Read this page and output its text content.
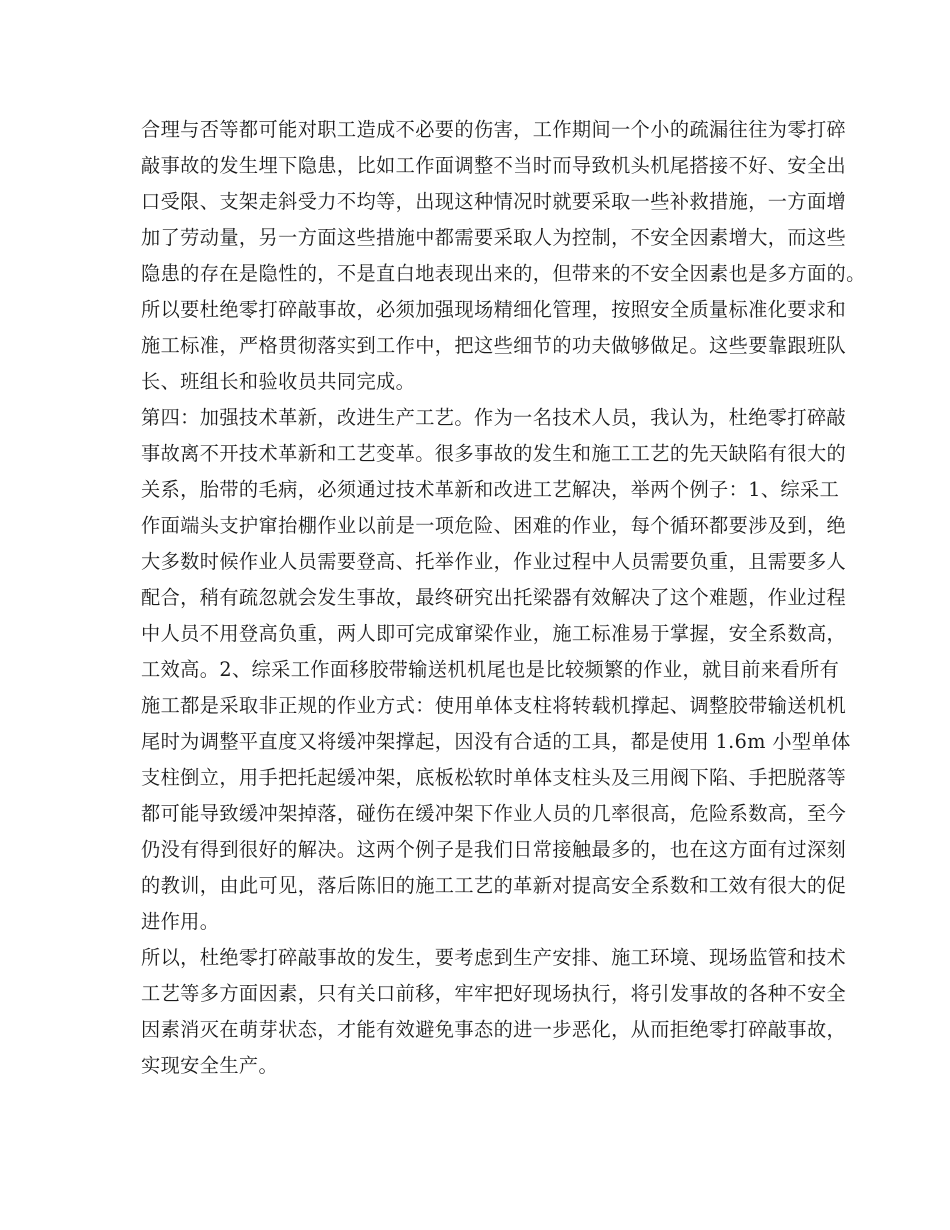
合理与否等都可能对职工造成不必要的伤害，工作期间一个小的疏漏往往为零打碎
敲事故的发生埋下隐患，比如工作面调整不当时而导致机头机尾搭接不好、安全出
口受限、支架走斜受力不均等，出现这种情况时就要采取一些补救措施，一方面增
加了劳动量，另一方面这些措施中都需要采取人为控制，不安全因素增大，而这些
隐患的存在是隐性的，不是直白地表现出来的，但带来的不安全因素也是多方面的。
所以要杜绝零打碎敲事故，必须加强现场精细化管理，按照安全质量标准化要求和
施工标准，严格贯彻落实到工作中，把这些细节的功夫做够做足。这些要靠跟班队
长、班组长和验收员共同完成。
第四：加强技术革新，改进生产工艺。作为一名技术人员，我认为，杜绝零打碎敲
事故离不开技术革新和工艺变革。很多事故的发生和施工工艺的先天缺陷有很大的
关系，胎带的毛病，必须通过技术革新和改进工艺解决，举两个例子：1、综采工
作面端头支护窜抬棚作业以前是一项危险、困难的作业，每个循环都要涉及到，绝
大多数时候作业人员需要登高、托举作业，作业过程中人员需要负重，且需要多人
配合，稍有疏忽就会发生事故，最终研究出托梁器有效解决了这个难题，作业过程
中人员不用登高负重，两人即可完成窜梁作业，施工标准易于掌握，安全系数高，
工效高。2、综采工作面移胶带输送机机尾也是比较频繁的作业，就目前来看所有
施工都是采取非正规的作业方式：使用单体支柱将转载机撑起、调整胶带输送机机
尾时为调整平直度又将缓冲架撑起，因没有合适的工具，都是使用 1.6m 小型单体
支柱倒立，用手把托起缓冲架，底板松软时单体支柱头及三用阀下陷、手把脱落等
都可能导致缓冲架掉落，碰伤在缓冲架下作业人员的几率很高，危险系数高，至今
仍没有得到很好的解决。这两个例子是我们日常接触最多的，也在这方面有过深刻
的教训，由此可见，落后陈旧的施工工艺的革新对提高安全系数和工效有很大的促
进作用。
所以，杜绝零打碎敲事故的发生，要考虑到生产安排、施工环境、现场监管和技术
工艺等多方面因素，只有关口前移，牢牢把好现场执行，将引发事故的各种不安全
因素消灭在萌芽状态，才能有效避免事态的进一步恶化，从而拒绝零打碎敲事故，
实现安全生产。
